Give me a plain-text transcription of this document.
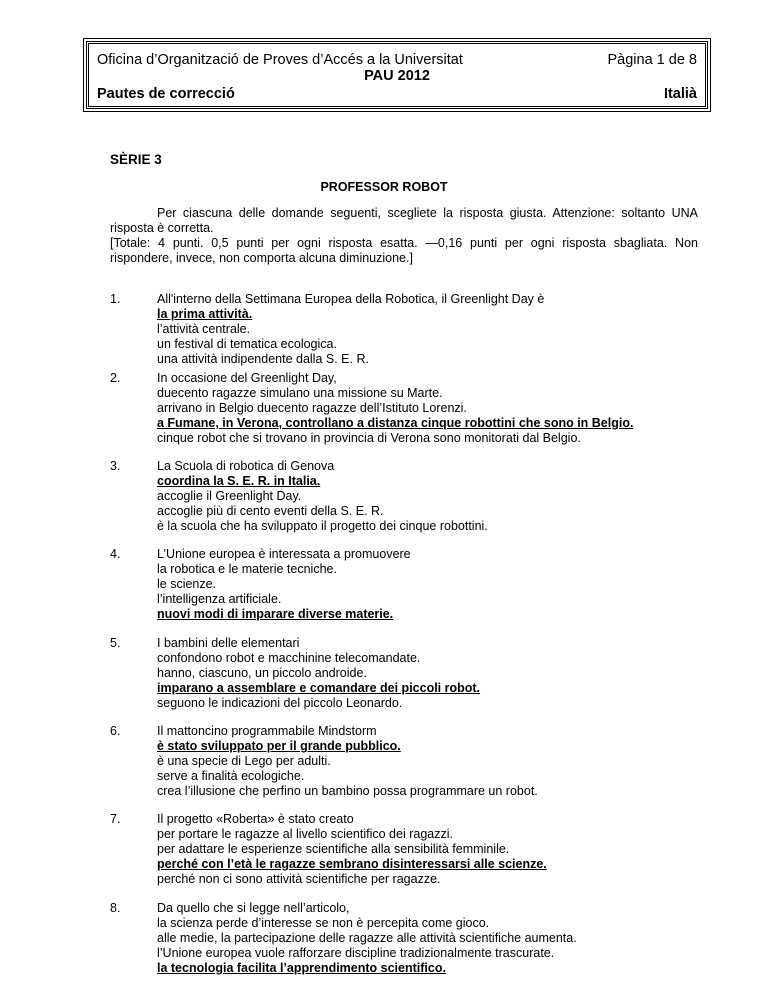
Oficina d’Organització de Proves d’Accés a la Universitat	Pàgina 1 de 8
PAU 2012
Pautes de correcció	Italià
SÈRIE 3
PROFESSOR ROBOT

Per ciascuna delle domande seguenti, scegliete la risposta giusta. Attenzione: soltanto UNA risposta è corretta.

[Totale: 4 punti. 0,5 punti per ogni risposta esatta. —0,16 punti per ogni risposta sbagliata. Non rispondere, invece, non comporta alcuna diminuzione.]

1.	All'interno della Settimana Europea della Robotica, il Greenlight Day è
la prima attività.
l’attività centrale.
un festival di tematica ecologica.
una attività indipendente dalla S. E. R.
2.	In occasione del Greenlight Day,
duecento ragazze simulano una missione su Marte.
arrivano in Belgio duecento ragazze dell’Istituto Lorenzi.
a Fumane, in Verona, controllano a distanza cinque robottini che sono in Belgio.
cinque robot che si trovano in provincia di Verona sono monitorati dal Belgio.
3.	La Scuola di robotica di Genova
coordina la S. E. R. in Italia.
accoglie il Greenlight Day.
accoglie più di cento eventi della S. E. R.
è la scuola che ha sviluppato il progetto dei cinque robottini.
4.	L’Unione europea è interessata a promuovere
la robotica e le materie tecniche.
le scienze.
l’intelligenza artificiale.
nuovi modi di imparare diverse materie.
5.	I bambini delle elementari
confondono robot e macchinine telecomandate.
hanno, ciascuno, un piccolo androide.
imparano a assemblare e comandare dei piccoli robot.
seguono le indicazioni del piccolo Leonardo.
6.	Il mattoncino programmabile Mindstorm
è stato sviluppato per il grande pubblico.
è una specie di Lego per adulti.
serve a finalità ecologiche.
crea l’illusione che perfino un bambino possa programmare un robot.
7.	Il progetto «Roberta» è stato creato
per portare le ragazze al livello scientifico dei ragazzi.
per adattare le esperienze scientifiche alla sensibilità femminile.
perché con l’età le ragazze sembrano disinteressarsi alle scienze.
perché non ci sono attività scientifiche per ragazze.
8.	Da quello che si legge nell’articolo,
la scienza perde d’interesse se non è percepita come gioco.
alle medie, la partecipazione delle ragazze alle attività scientifiche aumenta.
l’Unione europea vuole rafforzare discipline tradizionalmente trascurate.
la tecnologia facilita l’apprendimento scientifico.
